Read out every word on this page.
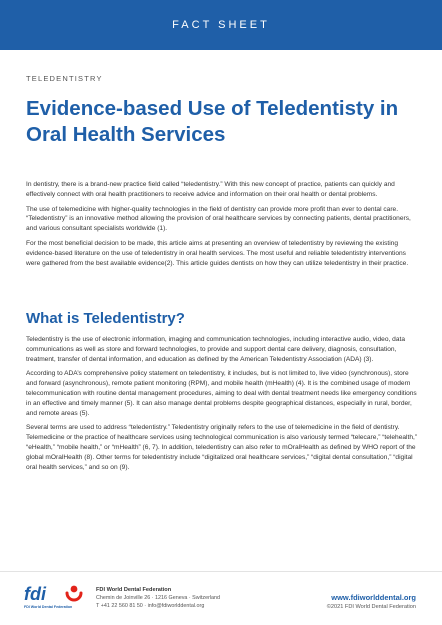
FACT SHEET
TELEDENTISTRY
Evidence-based Use of Teledentisty in Oral Health Services

In dentistry, there is a brand-new practice field called “teledentistry.” With this new concept of practice, patients can quickly and effectively connect with oral health practitioners to receive advice and information on their oral health or dental problems.

The use of telemedicine with higher-quality technologies in the field of dentistry can provide more profit than ever to dental care. “Teledentistry” is an innovative method allowing the provision of oral healthcare services by connecting patients, dental practitioners, and various consultant specialists worldwide (1).

For the most beneficial decision to be made, this article aims at presenting an overview of teledentistry by reviewing the existing evidence-based literature on the use of teledentistry in oral health services. The most useful and reliable teledentistry interventions were gathered from the best available evidence(2). This article guides dentists on how they can utilize teledentistry in their practice.

What is Teledentistry?

Teledentistry is the use of electronic information, imaging and communication technologies, including interactive audio, video, data communications as well as store and forward technologies, to provide and support dental care delivery, diagnosis, consultation, treatment, transfer of dental information, and education as defined by the American Teledentistry Association (ADA) (3).

According to ADA’s comprehensive policy statement on teledentistry, it includes, but is not limited to, live video (synchronous), store and forward (asynchronous), remote patient monitoring (RPM), and mobile health (mHealth) (4). It is the combined usage of modern telecommunication with routine dental management procedures, aiming to deal with dental treatment needs like emergency conditions in an effective and timely manner (5). It can also manage dental problems despite geographical distances, especially in rural, border, and remote areas (5).

Several terms are used to address “teledentistry.” Teledentistry originally refers to the use of telemedicine in the field of dentistry. Telemedicine or the practice of healthcare services using technological communication is also variously termed “telecare,” “telehealth,” “eHealth,” “mobile health,” or “mHealth” (6, 7). In addition, teledentistry can also refer to mOralHealth as defined by WHO report of the global mOralHealth (8). Other terms for teledentistry include “digitalized oral healthcare services,” “digital dental consultation,” “digital oral health services,” and so on (9).

fdi
FDI World Dental Federation
FDI World Dental Federation
Chemin de Joinville 26 · 1216 Geneva · Switzerland
T +41 22 560 81 50 · info@fdiworlddental.org
www.fdiworlddental.org
©2021 FDI World Dental Federation
